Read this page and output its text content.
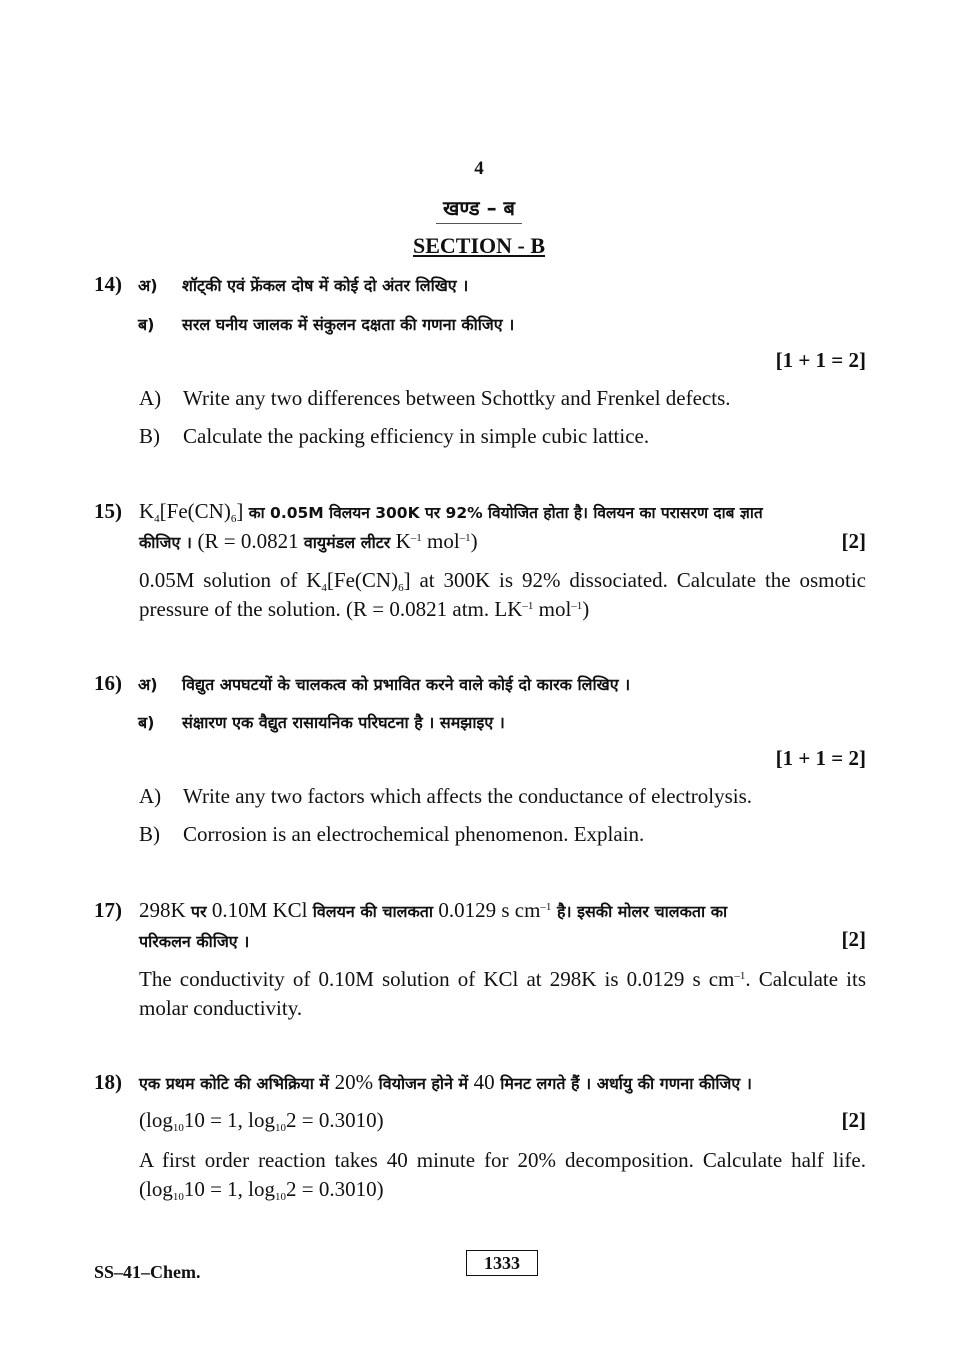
4
खण्ड – ब
SECTION - B
14) अ) शॉट्की एवं फ्रेंकल दोष में कोई दो अंतर लिखिए ।
ब) सरल घनीय जालक में संकुलन दक्षता की गणना कीजिए ।
[1 + 1 = 2]
A) Write any two differences between Schottky and Frenkel defects.
B) Calculate the packing efficiency in simple cubic lattice.
15) $K_4[Fe(CN)_6]$ का 0.05M विलयन 300K पर 92% वियोजित होता है। विलयन का परासरण दाब ज्ञात
कीजिए । (R = 0.0821 वायुमंडल लीटर $K^{-1}$ mol$^{-1}$)	[2]
0.05M solution of $K_4[Fe(CN)_6]$ at 300K is 92% dissociated. Calculate the osmotic pressure of the solution. (R = 0.0821 atm. $LK^{-1}$ mol$^{-1}$)
16) अ) विद्युत अपघटयों के चालकत्व को प्रभावित करने वाले कोई दो कारक लिखिए ।
ब) संक्षारण एक वैद्युत रासायनिक परिघटना है । समझाइए ।
[1 + 1 = 2]
A) Write any two factors which affects the conductance of electrolysis.
B) Corrosion is an electrochemical phenomenon. Explain.
17) 298K पर 0.10M KCl विलयन की चालकता 0.0129 s $cm^{-1}$ है। इसकी मोलर चालकता का
परिकलन कीजिए ।	[2]
The conductivity of 0.10M solution of KCl at 298K is 0.0129 s $cm^{-1}$. Calculate its molar conductivity.
18) एक प्रथम कोटि की अभिक्रिया में 20% वियोजन होने में 40 मिनट लगते हैं । अर्धायु की गणना कीजिए ।
($\log_{10}10 = 1$, $\log_{10}2 = 0.3010$)	[2]
A first order reaction takes 40 minute for 20% decomposition. Calculate half life. ($\log_{10}10 = 1$, $\log_{10}2 = 0.3010$)
SS–41–Chem.	1333
